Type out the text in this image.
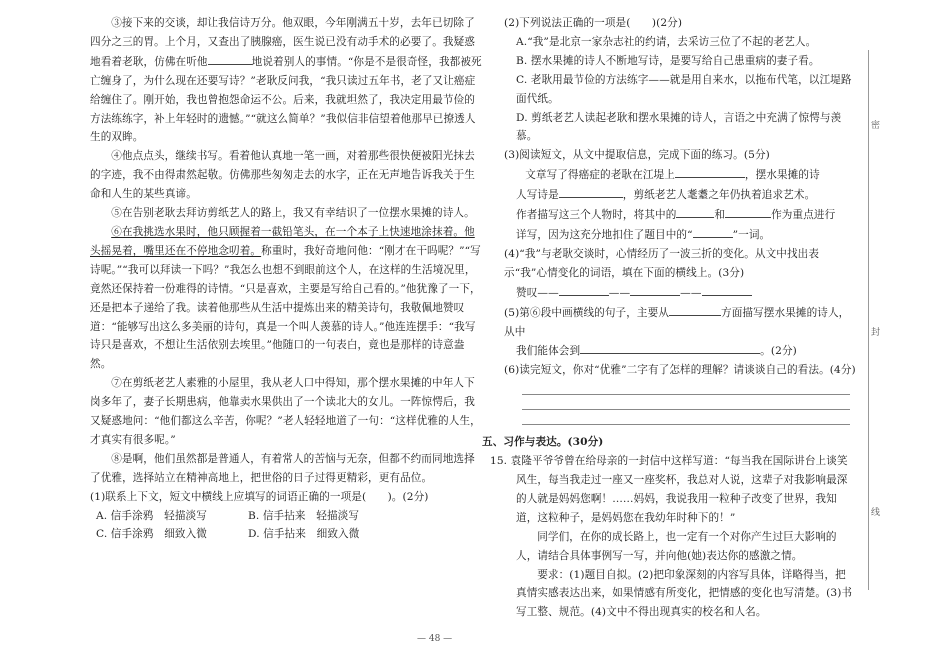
③接下来的交谈，却让我信诗万分。他双眼，今年刚满五十岁，去年已切除了四分之三的胃。上个月，又查出了胰腺癌，医生说已没有动手术的必要了。我疑惑地看着老耿，仿佛在听他	地说着别人的事情。“你是不是很奇怪，我都被死亡缠身了，为什么现在还要写诗？”老耿反问我，“我只读过五年书，老了又让癌症给缠住了。刚开始，我也曾抱怨命运不公。后来，我就坦然了，我决定用最节俭的方法练练字，补上年轻时的遗憾。”“就这么简单？”我似信非信望着他那早已撩透人生的双眸。

④他点点头，继续书写。看着他认真地一笔一画，对着那些很快便被阳光抹去的字迹，我不由得肃然起敬。仿佛那些匆匆走去的水字，正在无声地告诉我关于生命和人生的某些真谛。

⑤在告别老耿去拜访剪纸艺人的路上，我又有幸结识了一位摆水果摊的诗人。

⑥在我挑选水果时，他只顾握着一截铅笔头，在一个本子上快速地涂抹着。他头摇晃着，嘴里还在不停地念叨着。称重时，我好奇地问他：“刚才在干吗呢？”“写诗呢。”“我可以拜读一下吗？”我怎么也想不到眼前这个人，在这样的生活境况里，竟然还保持着一份难得的诗情。“只是喜欢，主要是写给自己看的。”他犹豫了一下，还是把本子递给了我。读着他那些从生活中提炼出来的精美诗句，我敬佩地赞叹道：“能够写出这么多美丽的诗句，真是一个叫人羡慕的诗人。”他连连摆手：“我写诗只是喜欢，不想让生活依别去埃里。”他随口的一句表白，竟也是那样的诗意盎然。

⑦在剪纸老艺人素雅的小屋里，我从老人口中得知，那个摆水果摊的中年人下岗多年了，妻子长期患病，他靠卖水果供出了一个读北大的女儿。一阵惊愕后，我又疑惑地问：“他们都这么辛苦，你呢？”老人轻轻地道了一句：“这样优雅的人生，才真实有很多呢。”

⑧是啊，他们虽然都是普通人，有着常人的苦恼与无奈，但都不约而同地选择了优雅，选择站立在精神高地上，把世俗的日子过得更精彩，更有品位。

(1)联系上下文，短文中横线上应填写的词语正确的一项是(　　)。(2分)

A. 信手涂鸦　轻描淡写	B. 信手拈来　轻描淡写
C. 信手涂鸦　细致入微	D. 信手拈来　细致入微

(2)下列说法正确的一项是(　　)(2分)

A.“我”是北京一家杂志社的约请，去采访三位了不起的老艺人。

B. 摆水果摊的诗人不断地写诗，是要写给自己患重病的妻子看。

C. 老耿用最节俭的方法练字——就是用自来水，以拖布代笔，以江堤路面代纸。

D. 剪纸老艺人读起老耿和摆水果摊的诗人，言语之中充满了惊愕与羡慕。

(3)阅读短文，从文中提取信息，完成下面的练习。(5分)

文章写了得癌症的老耿在江堤上	，摆水果摊的诗

人写诗是	，剪纸老艺人耄耋之年仍执着追求艺术。

作者描写这三个人物时，将其中的	和	作为重点进行

详写，因为这充分地扣住了题目中的“	”一词。

(4)“我”与老耿交谈时，心情经历了一波三折的变化。从文中找出表示“我”心情变化的词语，填在下面的横线上。(3分)

赞叹——	——	——

(5)第⑥段中画横线的句子，主要从	方面描写摆水果摊的诗人，从中

我们能体会到	。(2分)

(6)读完短文，你对“优雅”二字有了怎样的理解？请谈谈自己的看法。(4分)

五、习作与表达。(30分)

15. 袁隆平爷爷曾在给母亲的一封信中这样写道：“每当我在国际讲台上谈笑风生，每当我走过一座又一座奖杯，我总对人说，这辈子对我影响最深的人就是妈妈您啊！……妈妈，我说我用一粒种子改变了世界，我知道，这粒种子，是妈妈您在我幼年时种下的！”

同学们，在你的成长路上，也一定有一个对你产生过巨大影响的人，请结合具体事例写一写，并向他(她)表达你的感激之情。

要求：(1)题目自拟。(2)把印象深刻的内容写具体，详略得当，把真情实感表达出来，如果情感有所变化，把情感的变化也写清楚。(3)书写工整、规范。(4)文中不得出现真实的校名和人名。

密
封
线
— 48 —
